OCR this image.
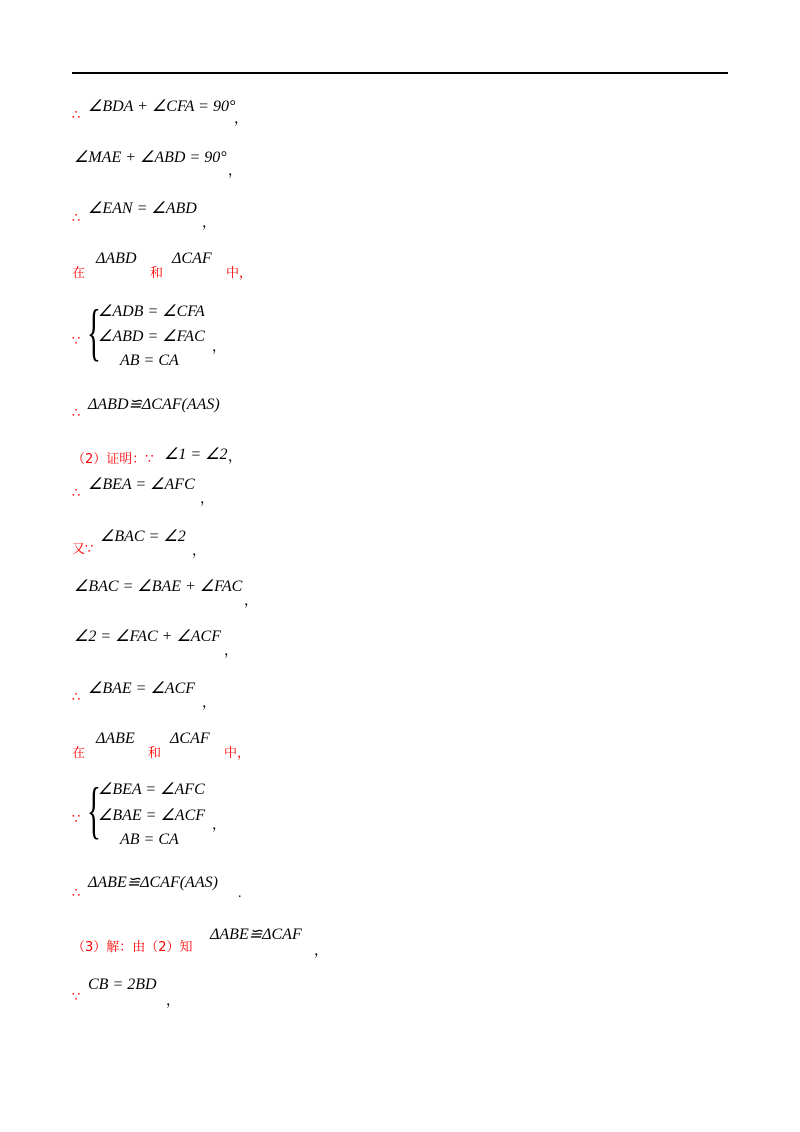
∴
∠BDA + ∠CFA = 90°
，
∠MAE + ∠ABD = 90°
，
∴
∠EAN = ∠ABD
，
在
ΔABD
和
ΔCAF
中，
∵ {
∠ADB = ∠CFA
∠ABD = ∠FAC
AB = CA
，
∴
ΔABD≌ΔCAF(AAS)
（2）证明：∵ ∠1 = ∠2 ，
∴
∠BEA = ∠AFC
，
又∵
∠BAC = ∠2
，
∠BAC = ∠BAE + ∠FAC
，
∠2 = ∠FAC + ∠ACF
，
∴
∠BAE = ∠ACF
，
在
ΔABE
和
ΔCAF
中，
∵ {
∠BEA = ∠AFC
∠BAE = ∠ACF
AB = CA
，
∴
ΔABE≌ΔCAF(AAS)
.
（3）解：由（2）知
ΔABE≌ΔCAF
，
∵
CB = 2BD
，
